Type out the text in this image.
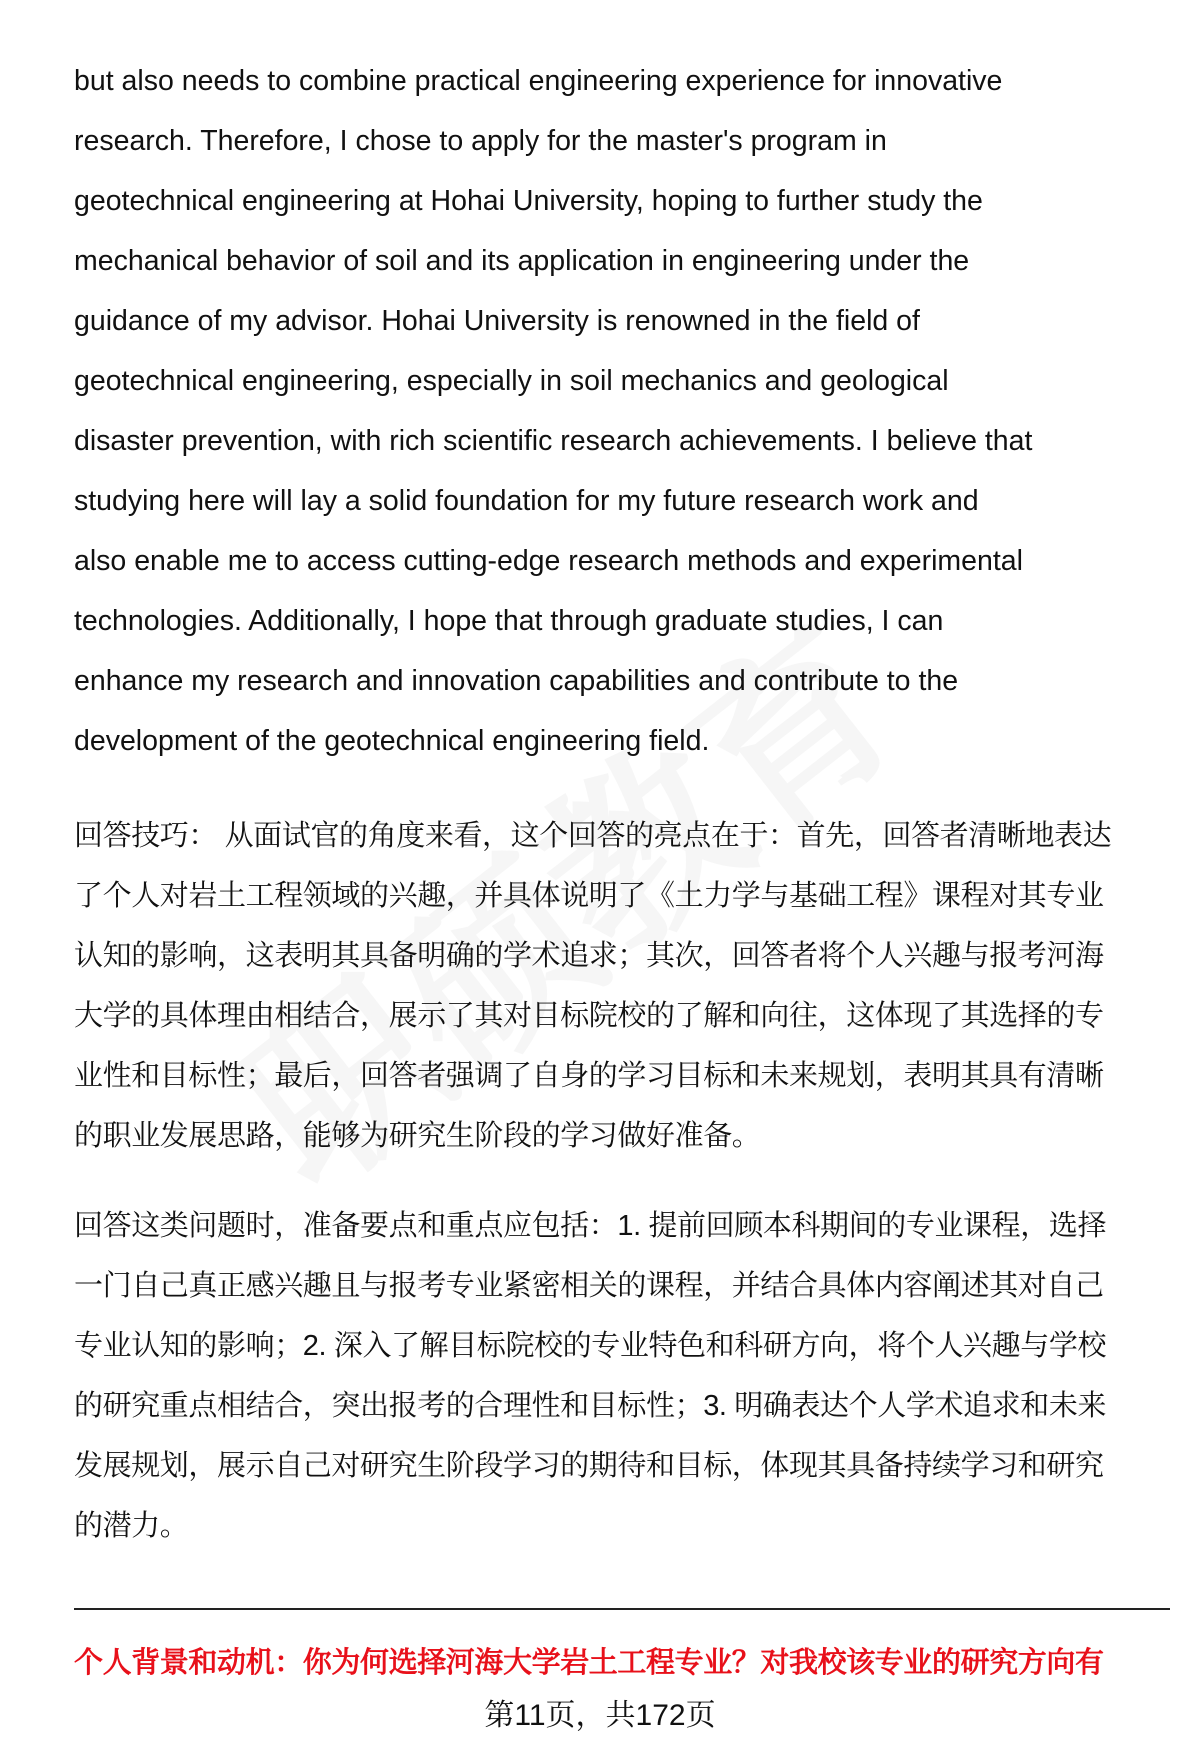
but also needs to combine practical engineering experience for innovative
research. Therefore, I chose to apply for the master's program in
geotechnical engineering at Hohai University, hoping to further study the
mechanical behavior of soil and its application in engineering under the
guidance of my advisor. Hohai University is renowned in the field of
geotechnical engineering, especially in soil mechanics and geological
disaster prevention, with rich scientific research achievements. I believe that
studying here will lay a solid foundation for my future research work and
also enable me to access cutting-edge research methods and experimental
technologies. Additionally, I hope that through graduate studies, I can
enhance my research and innovation capabilities and contribute to the
development of the geotechnical engineering field.
回答技巧： 从面试官的角度来看，这个回答的亮点在于：首先，回答者清晰地表达
了个人对岩土工程领域的兴趣，并具体说明了《土力学与基础工程》课程对其专业
认知的影响，这表明其具备明确的学术追求；其次，回答者将个人兴趣与报考河海
大学的具体理由相结合，展示了其对目标院校的了解和向往，这体现了其选择的专
业性和目标性；最后，回答者强调了自身的学习目标和未来规划，表明其具有清晰
的职业发展思路，能够为研究生阶段的学习做好准备。
回答这类问题时，准备要点和重点应包括：1. 提前回顾本科期间的专业课程，选择
一门自己真正感兴趣且与报考专业紧密相关的课程，并结合具体内容阐述其对自己
专业认知的影响；2. 深入了解目标院校的专业特色和科研方向，将个人兴趣与学校
的研究重点相结合，突出报考的合理性和目标性；3. 明确表达个人学术追求和未来
发展规划，展示自己对研究生阶段学习的期待和目标，体现其具备持续学习和研究
的潜力。
个人背景和动机：你为何选择河海大学岩土工程专业？对我校该专业的研究方向有
第11页，共172页
